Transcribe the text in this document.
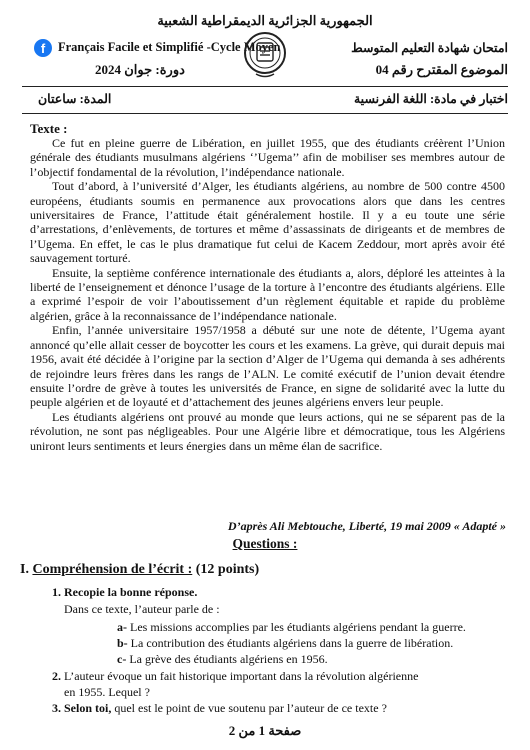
الجمهورية الجزائرية الديمقراطية الشعبية
f	Français Facile et Simplifié -Cycle Moyen
دورة: جوان 2024
امتحان شهادة التعليم المتوسط
الموضوع المقترح رقم 04
المدة: ساعتان	اختبار في مادة: اللغة الفرنسية
Texte :

Ce fut en pleine guerre de Libération, en juillet 1955, que des étudiants créèrent l’Union générale des étudiants musulmans algériens ‘’Ugema’’ afin de mobiliser ses membres autour de l’objectif fondamental de la révolution, l’indépendance nationale.

Tout d’abord, à l’université d’Alger, les étudiants algériens, au nombre de 500 contre 4500 européens, étudiants soumis en permanence aux provocations alors que dans les centres universitaires de France, l’attitude était généralement hostile. Il y a eu toute une série d’arrestations, d’enlèvements, de tortures et même d’assassinats de dirigeants et de membres de l’Ugema. En effet, le cas le plus dramatique fut celui de Kacem Zeddour, mort après avoir été sauvagement torturé.

Ensuite, la septième conférence internationale des étudiants a, alors, déploré les atteintes à la liberté de l’enseignement et dénonce l’usage de la torture à l’encontre des étudiants algériens. Elle a exprimé l’espoir de voir l’aboutissement d’un règlement équitable et rapide du problème algérien, grâce à la reconnaissance de l’indépendance nationale.

Enfin, l’année universitaire 1957/1958 a débuté sur une note de détente, l’Ugema ayant annoncé qu’elle allait cesser de boycotter les cours et les examens. La grève, qui durait depuis mai 1956, avait été décidée à l’origine par la section d’Alger de l’Ugema qui demanda à ses adhérents de rejoindre leurs frères dans les rangs de l’ALN. Le comité exécutif de l’union devait étendre ensuite l’ordre de grève à toutes les universités de France, en signe de solidarité avec la lutte du peuple algérien et de loyauté et d’attachement des jeunes algériens envers leur peuple.

Les étudiants algériens ont prouvé au monde que leurs actions, qui ne se séparent pas de la révolution, ne sont pas négligeables. Pour une Algérie libre et démocratique, tous les Algériens uniront leurs sentiments et leurs énergies dans un même élan de sacrifice.

D’après Ali Mebtouche, Liberté, 19 mai 2009 « Adapté »
Questions :
I. Compréhension de l’écrit : (12 points)
1. Recopie la bonne réponse.
Dans ce texte, l’auteur parle de :
a- Les missions accomplies par les étudiants algériens pendant la guerre.
b- La contribution des étudiants algériens dans la guerre de libération.
c- La grève des étudiants algériens en 1956.
2. L’auteur évoque un fait historique important dans la révolution algérienne
en 1955. Lequel ?
3. Selon toi, quel est le point de vue soutenu par l’auteur de ce texte ?
صفحة 1 من 2
